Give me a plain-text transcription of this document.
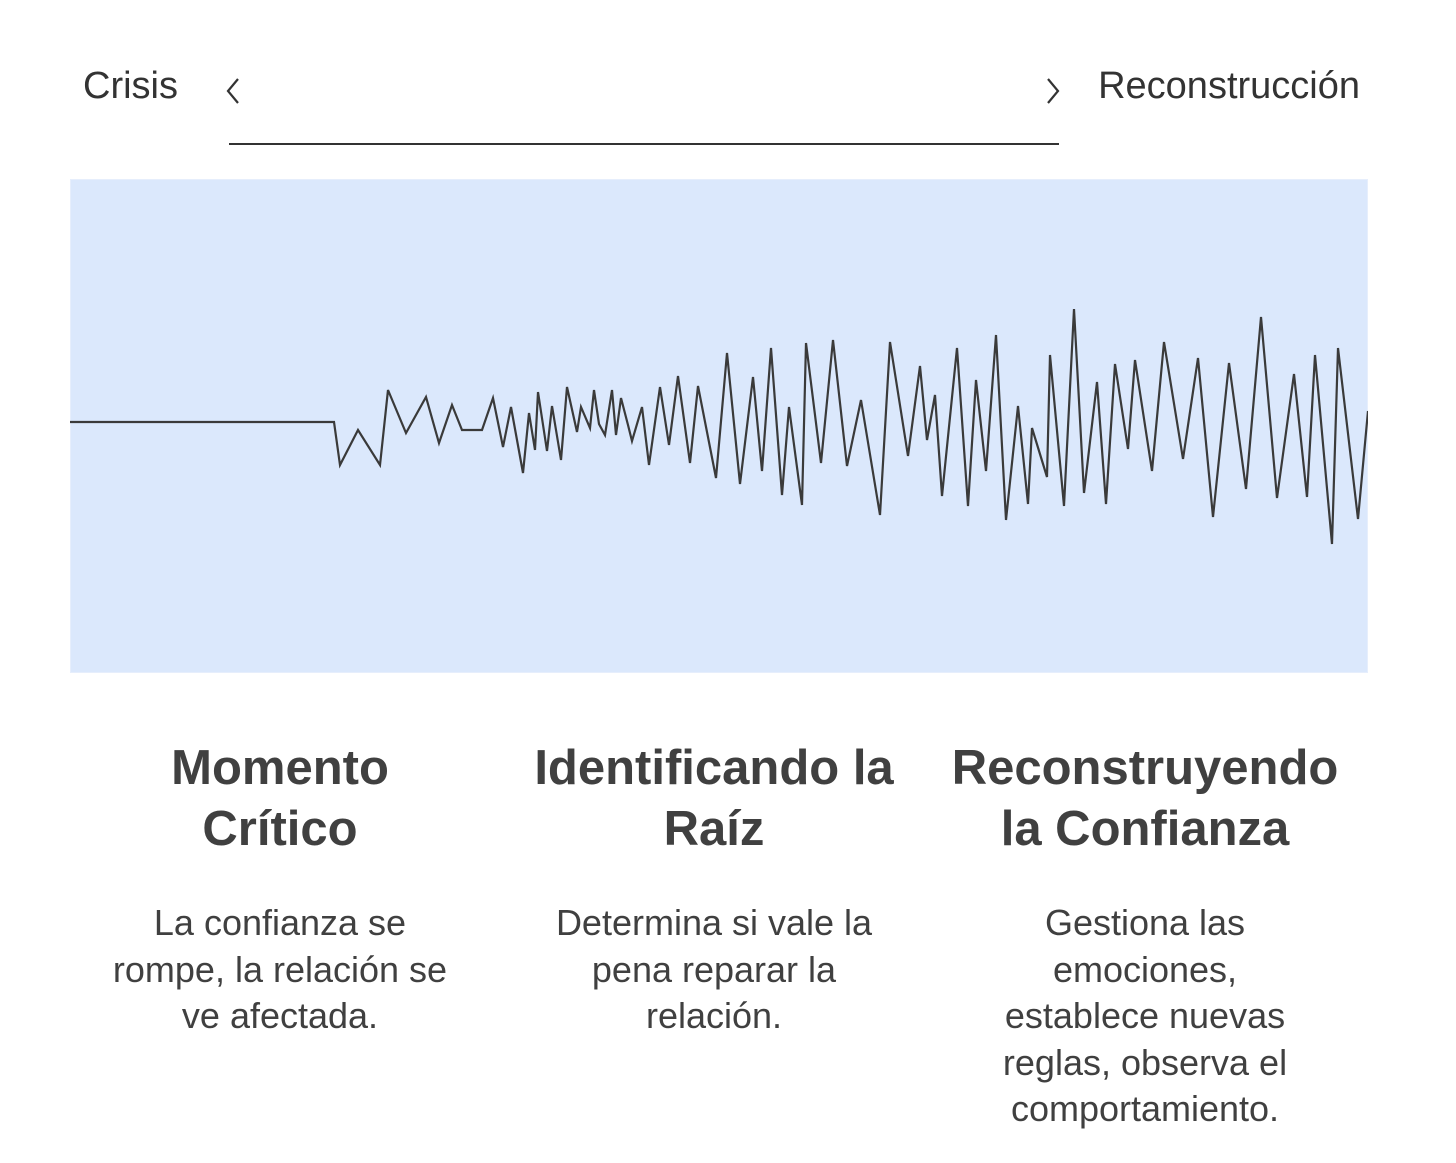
Crisis	Reconstrucción
Momento Crítico
La confianza se rompe, la relación se ve afectada.
Identificando la Raíz
Determina si vale la pena reparar la relación.
Reconstruyendo la Confianza
Gestiona las emociones, establece nuevas reglas, observa el comportamiento.
